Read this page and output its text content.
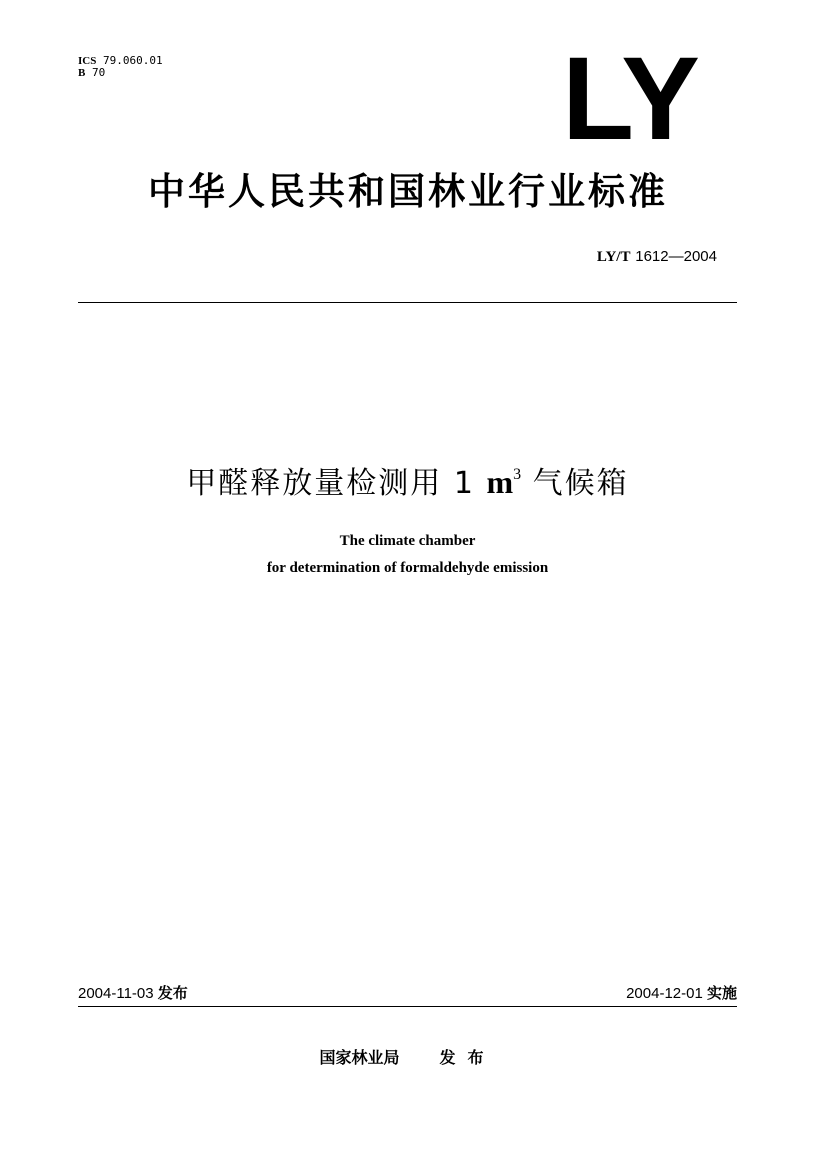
ICS 79.060.01
B 70	LY
中华人民共和国林业行业标准
LY/T 1612—2004
甲醛释放量检测用 1 $m^3$ 气候箱
The climate chamber
for determination of formaldehyde emission
2004-11-03 发布	2004-12-01 实施
国家林业局	发布
